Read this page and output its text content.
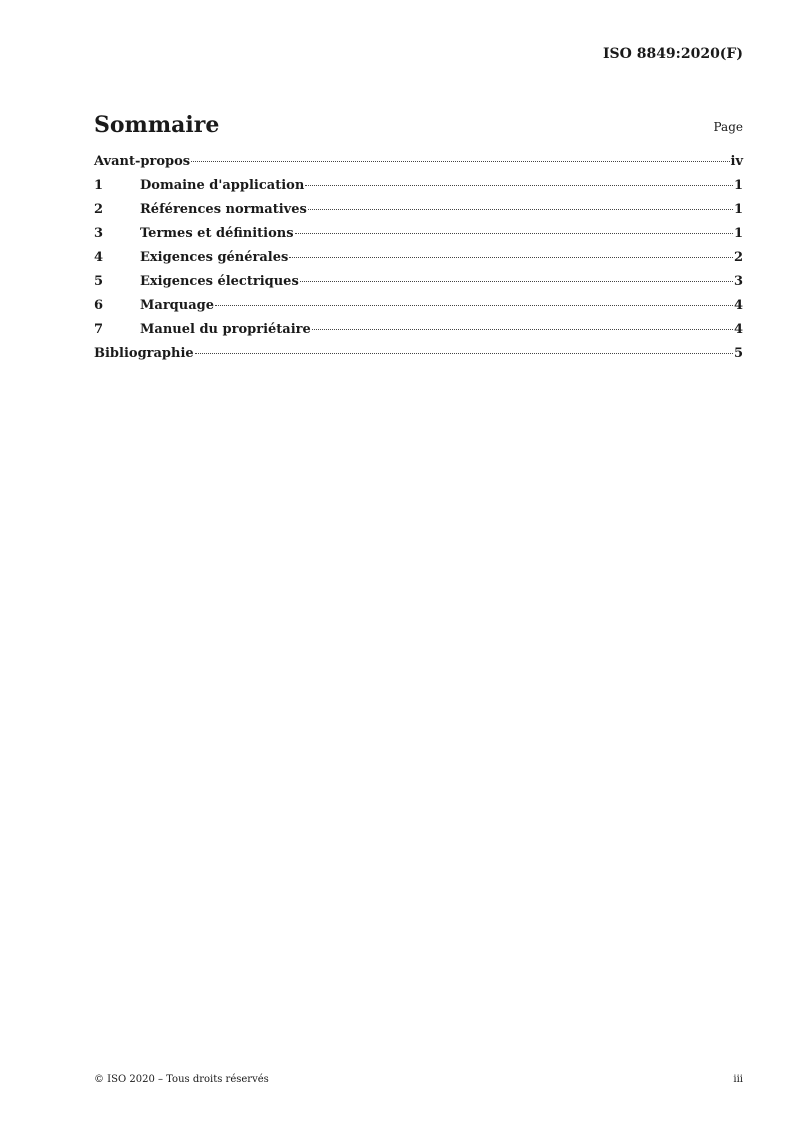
ISO 8849:2020(F)
Sommaire	Page
Avant-propos	iv
1	Domaine d'application	1
2	Références normatives	1
3	Termes et définitions	1
4	Exigences générales	2
5	Exigences électriques	3
6	Marquage	4
7	Manuel du propriétaire	4
Bibliographie	5
© ISO 2020 – Tous droits réservés	iii
